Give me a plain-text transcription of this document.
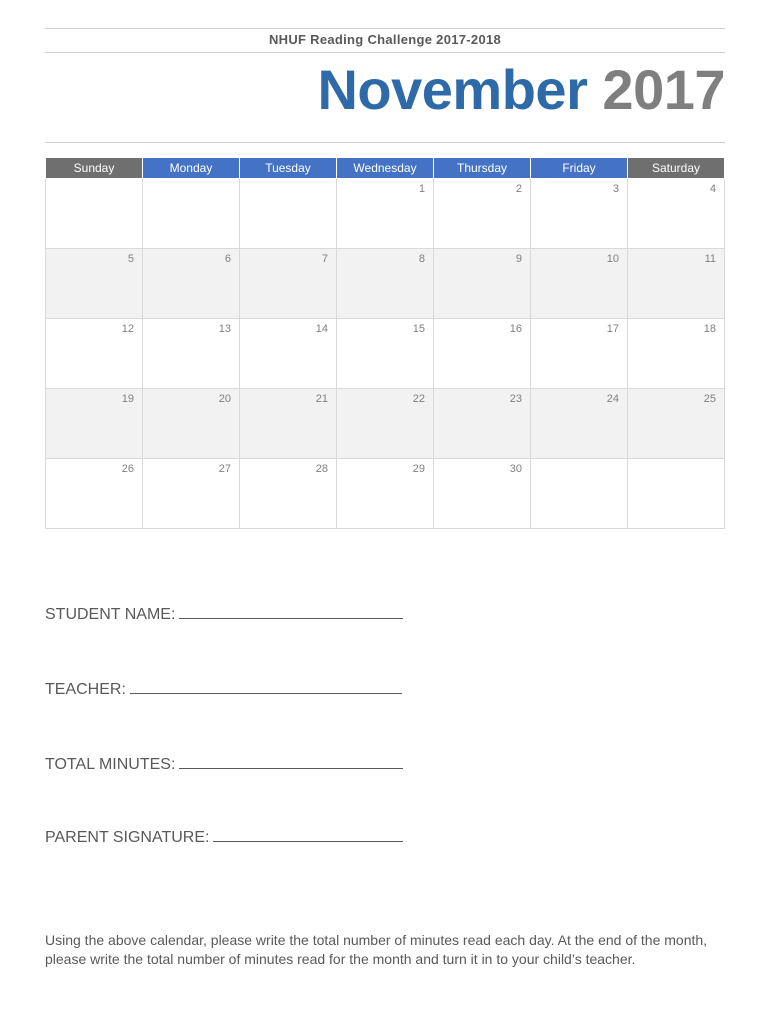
NHUF Reading Challenge 2017-2018
November 2017
Sunday	Monday	Tuesday	Wednesday	Thursday	Friday	Saturday
			1	2	3	4
5	6	7	8	9	10	11
12	13	14	15	16	17	18
19	20	21	22	23	24	25
26	27	28	29	30		
STUDENT NAME:
TEACHER:
TOTAL MINUTES:
PARENT SIGNATURE:
Using the above calendar, please write the total number of minutes read each day. At the end of the month, please write the total number of minutes read for the month and turn it in to your child’s teacher.
